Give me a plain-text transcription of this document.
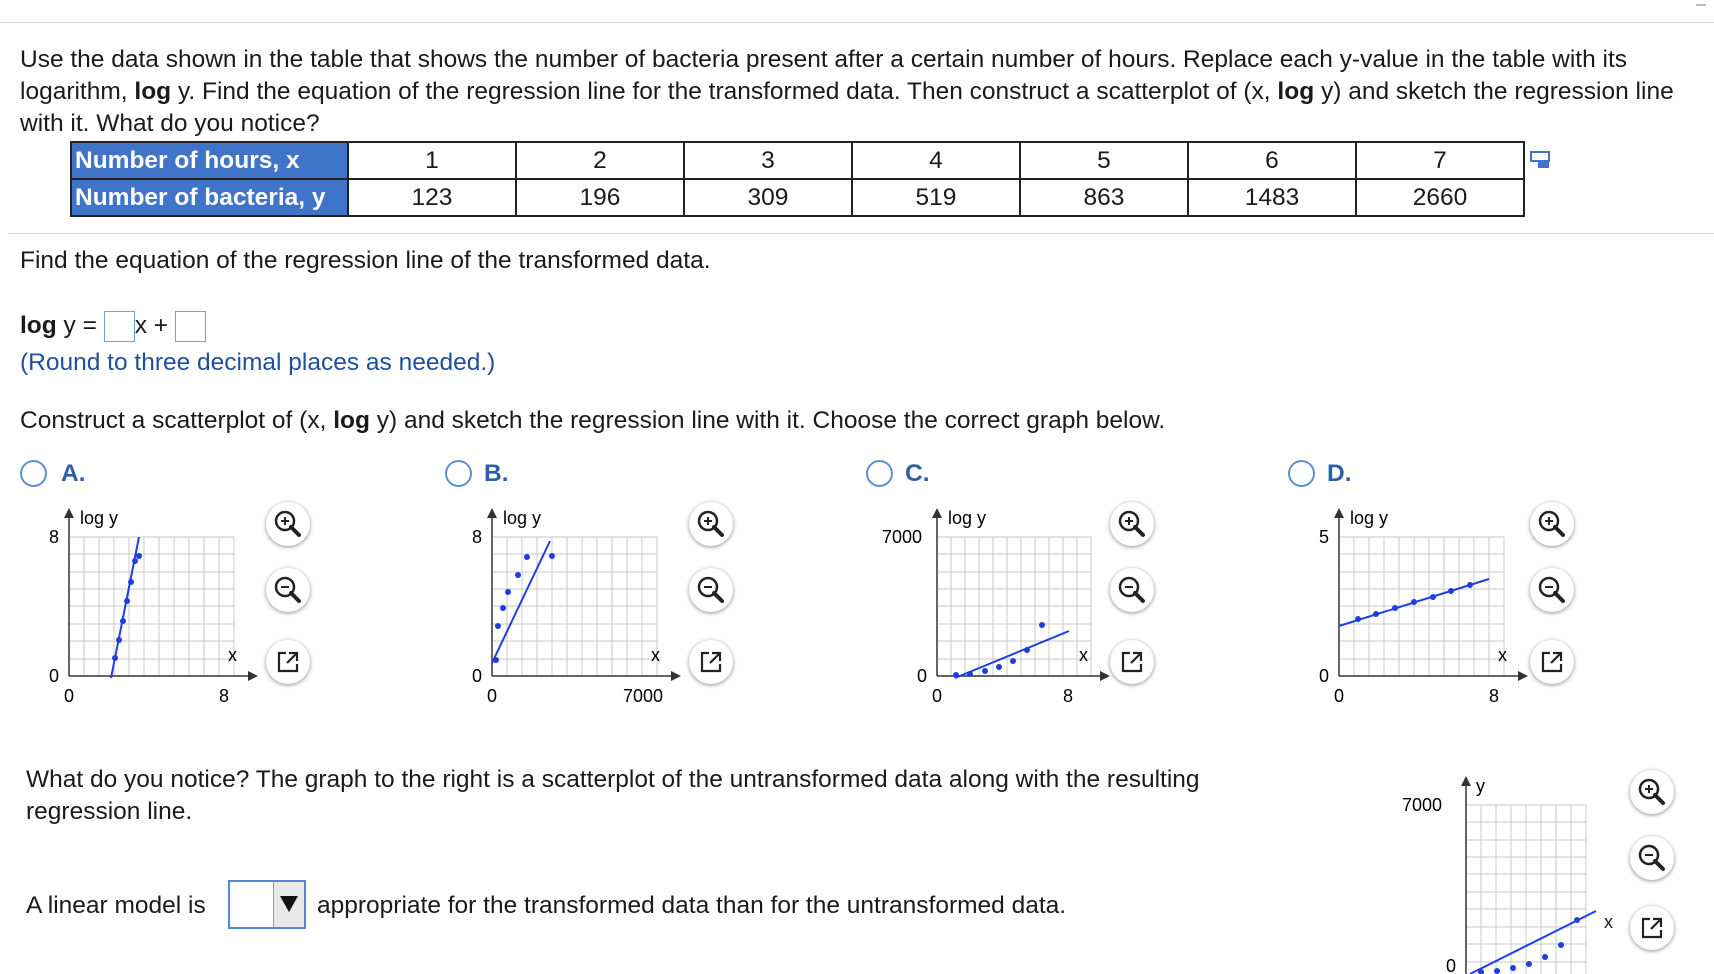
Use the data shown in the table that shows the number of bacteria present after a certain number of hours. Replace each y-value in the table with its logarithm, log y. Find the equation of the regression line for the transformed data. Then construct a scatterplot of (x, log y) and sketch the regression line with it. What do you notice?
Number of hours, x	1	2	3	4	5	6	7
Number of bacteria, y	123	196	309	519	863	1483	2660
Find the equation of the regression line of the transformed data.
log y = x +
(Round to three decimal places as needed.)
Construct a scatterplot of (x, log y) and sketch the regression line with it. Choose the correct graph below.
A.
log y
x
8
0
0	8
B.
log y
x
8
0
0	7000
C.
log y
x
7000
0
0	8
D.
log y
x
5
0
0	8
What do you notice? The graph to the right is a scatterplot of the untransformed data along with the resulting regression line.
A linear model is	appropriate for the transformed data than for the untransformed data.
y
7000
0
x
